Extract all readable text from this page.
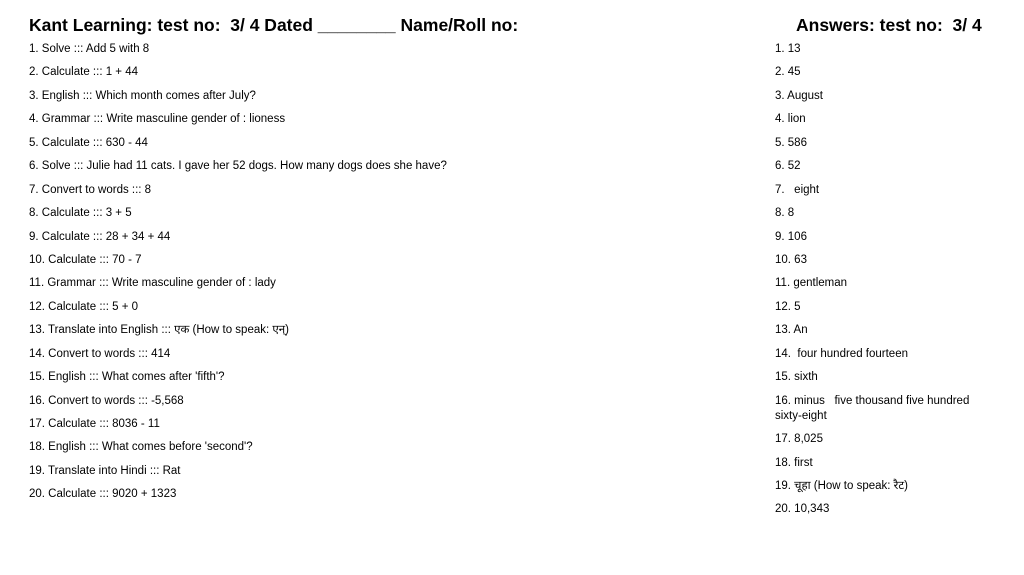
Kant Learning: test no:  3/ 4 Dated ________ Name/Roll no:	Answers: test no:  3/ 4
1. Solve ::: Add 5 with 8
2. Calculate ::: 1 + 44
3. English ::: Which month comes after July?
4. Grammar ::: Write masculine gender of : lioness
5. Calculate ::: 630 - 44
6. Solve ::: Julie had 11 cats. I gave her 52 dogs. How many dogs does she have?
7. Convert to words ::: 8
8. Calculate ::: 3 + 5
9. Calculate ::: 28 + 34 + 44
10. Calculate ::: 70 - 7
11. Grammar ::: Write masculine gender of : lady
12. Calculate ::: 5 + 0
13. Translate into English ::: एक (How to speak: एन्)
14. Convert to words ::: 414
15. English ::: What comes after 'fifth'?
16. Convert to words ::: -5,568
17. Calculate ::: 8036 - 11
18. English ::: What comes before 'second'?
19. Translate into Hindi ::: Rat
20. Calculate ::: 9020 + 1323
1. 13
2. 45
3. August
4. lion
5. 586
6. 52
7.   eight
8. 8
9. 106
10. 63
11. gentleman
12. 5
13. An
14.  four hundred fourteen
15. sixth
16. minus   five thousand five hundred sixty-eight
17. 8,025
18. first
19. चूहा (How to speak: रैट)
20. 10,343
